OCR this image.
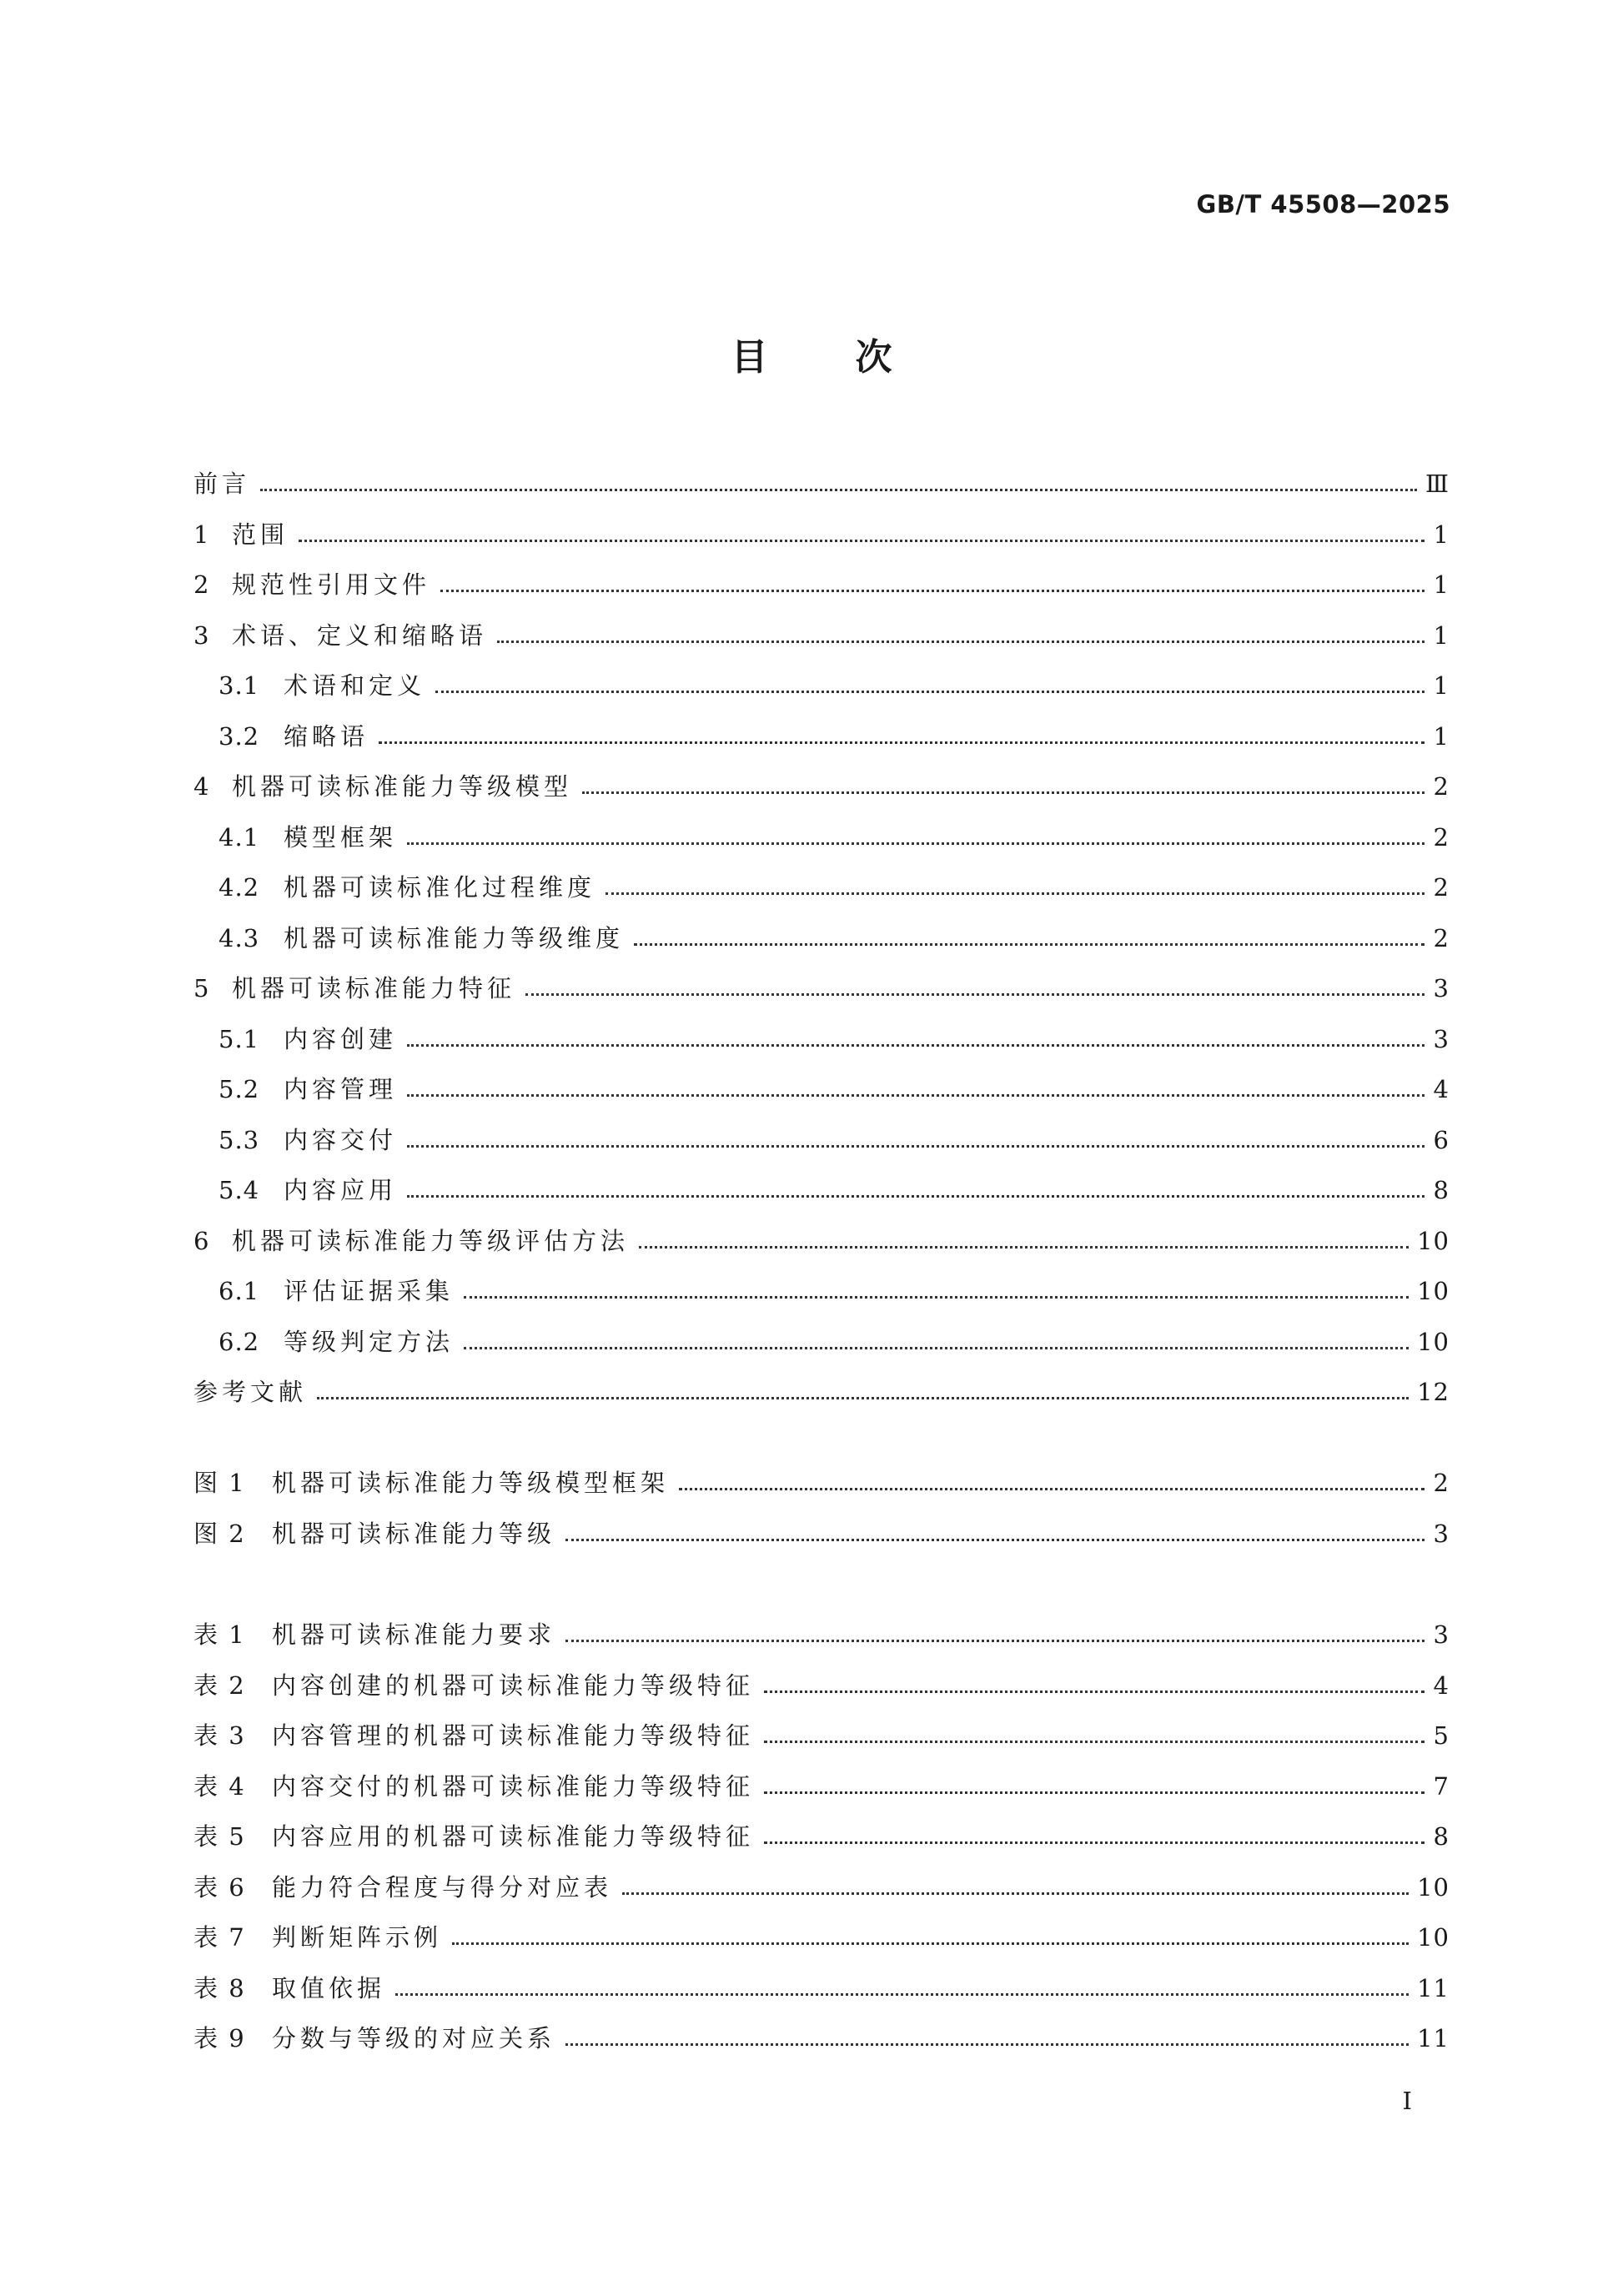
GB/T 45508—2025
目次
前言	Ⅲ
1 范围	1
2 规范性引用文件	1
3 术语、定义和缩略语	1
3.1 术语和定义	1
3.2 缩略语	1
4 机器可读标准能力等级模型	2
4.1 模型框架	2
4.2 机器可读标准化过程维度	2
4.3 机器可读标准能力等级维度	2
5 机器可读标准能力特征	3
5.1 内容创建	3
5.2 内容管理	4
5.3 内容交付	6
5.4 内容应用	8
6 机器可读标准能力等级评估方法	10
6.1 评估证据采集	10
6.2 等级判定方法	10
参考文献	12
图 1	机器可读标准能力等级模型框架	2
图 2	机器可读标准能力等级	3
表 1	机器可读标准能力要求	3
表 2	内容创建的机器可读标准能力等级特征	4
表 3	内容管理的机器可读标准能力等级特征	5
表 4	内容交付的机器可读标准能力等级特征	7
表 5	内容应用的机器可读标准能力等级特征	8
表 6	能力符合程度与得分对应表	10
表 7	判断矩阵示例	10
表 8	取值依据	11
表 9	分数与等级的对应关系	11
Ⅰ
